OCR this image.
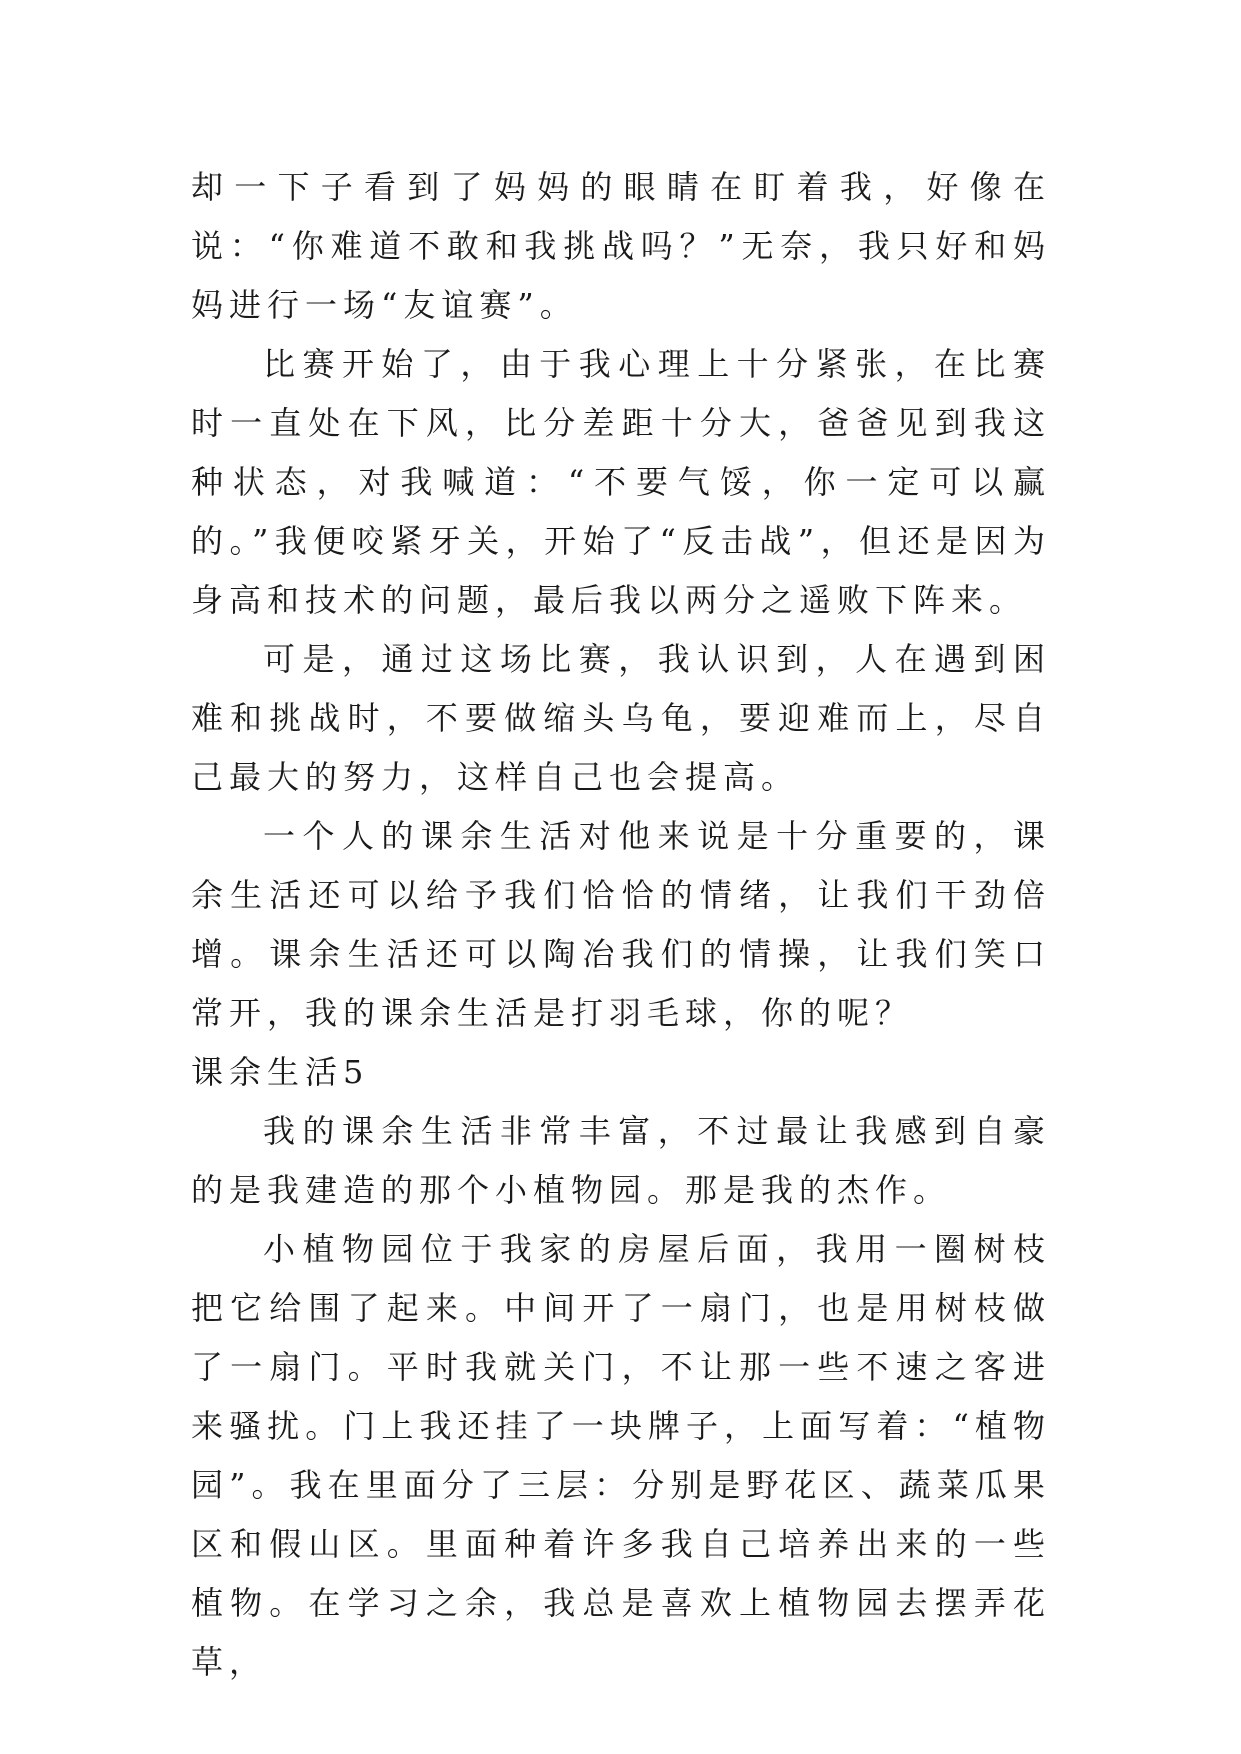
却一下子看到了妈妈的眼睛在盯着我，好像在说：“你难道不敢和我挑战吗？”无奈，我只好和妈妈进行一场“友谊赛”。

比赛开始了，由于我心理上十分紧张，在比赛时一直处在下风，比分差距十分大，爸爸见到我这种状态，对我喊道：“不要气馁，你一定可以赢的。”我便咬紧牙关，开始了“反击战”，但还是因为身高和技术的问题，最后我以两分之遥败下阵来。

可是，通过这场比赛，我认识到，人在遇到困难和挑战时，不要做缩头乌龟，要迎难而上，尽自己最大的努力，这样自己也会提高。

一个人的课余生活对他来说是十分重要的，课余生活还可以给予我们恰恰的情绪，让我们干劲倍增。课余生活还可以陶冶我们的情操，让我们笑口常开，我的课余生活是打羽毛球，你的呢？

课余生活5

我的课余生活非常丰富，不过最让我感到自豪的是我建造的那个小植物园。那是我的杰作。

小植物园位于我家的房屋后面，我用一圈树枝把它给围了起来。中间开了一扇门，也是用树枝做了一扇门。平时我就关门，不让那一些不速之客进来骚扰。门上我还挂了一块牌子，上面写着：“植物园”。我在里面分了三层：分别是野花区、蔬菜瓜果区和假山区。里面种着许多我自己培养出来的一些植物。在学习之余，我总是喜欢上植物园去摆弄花草，
